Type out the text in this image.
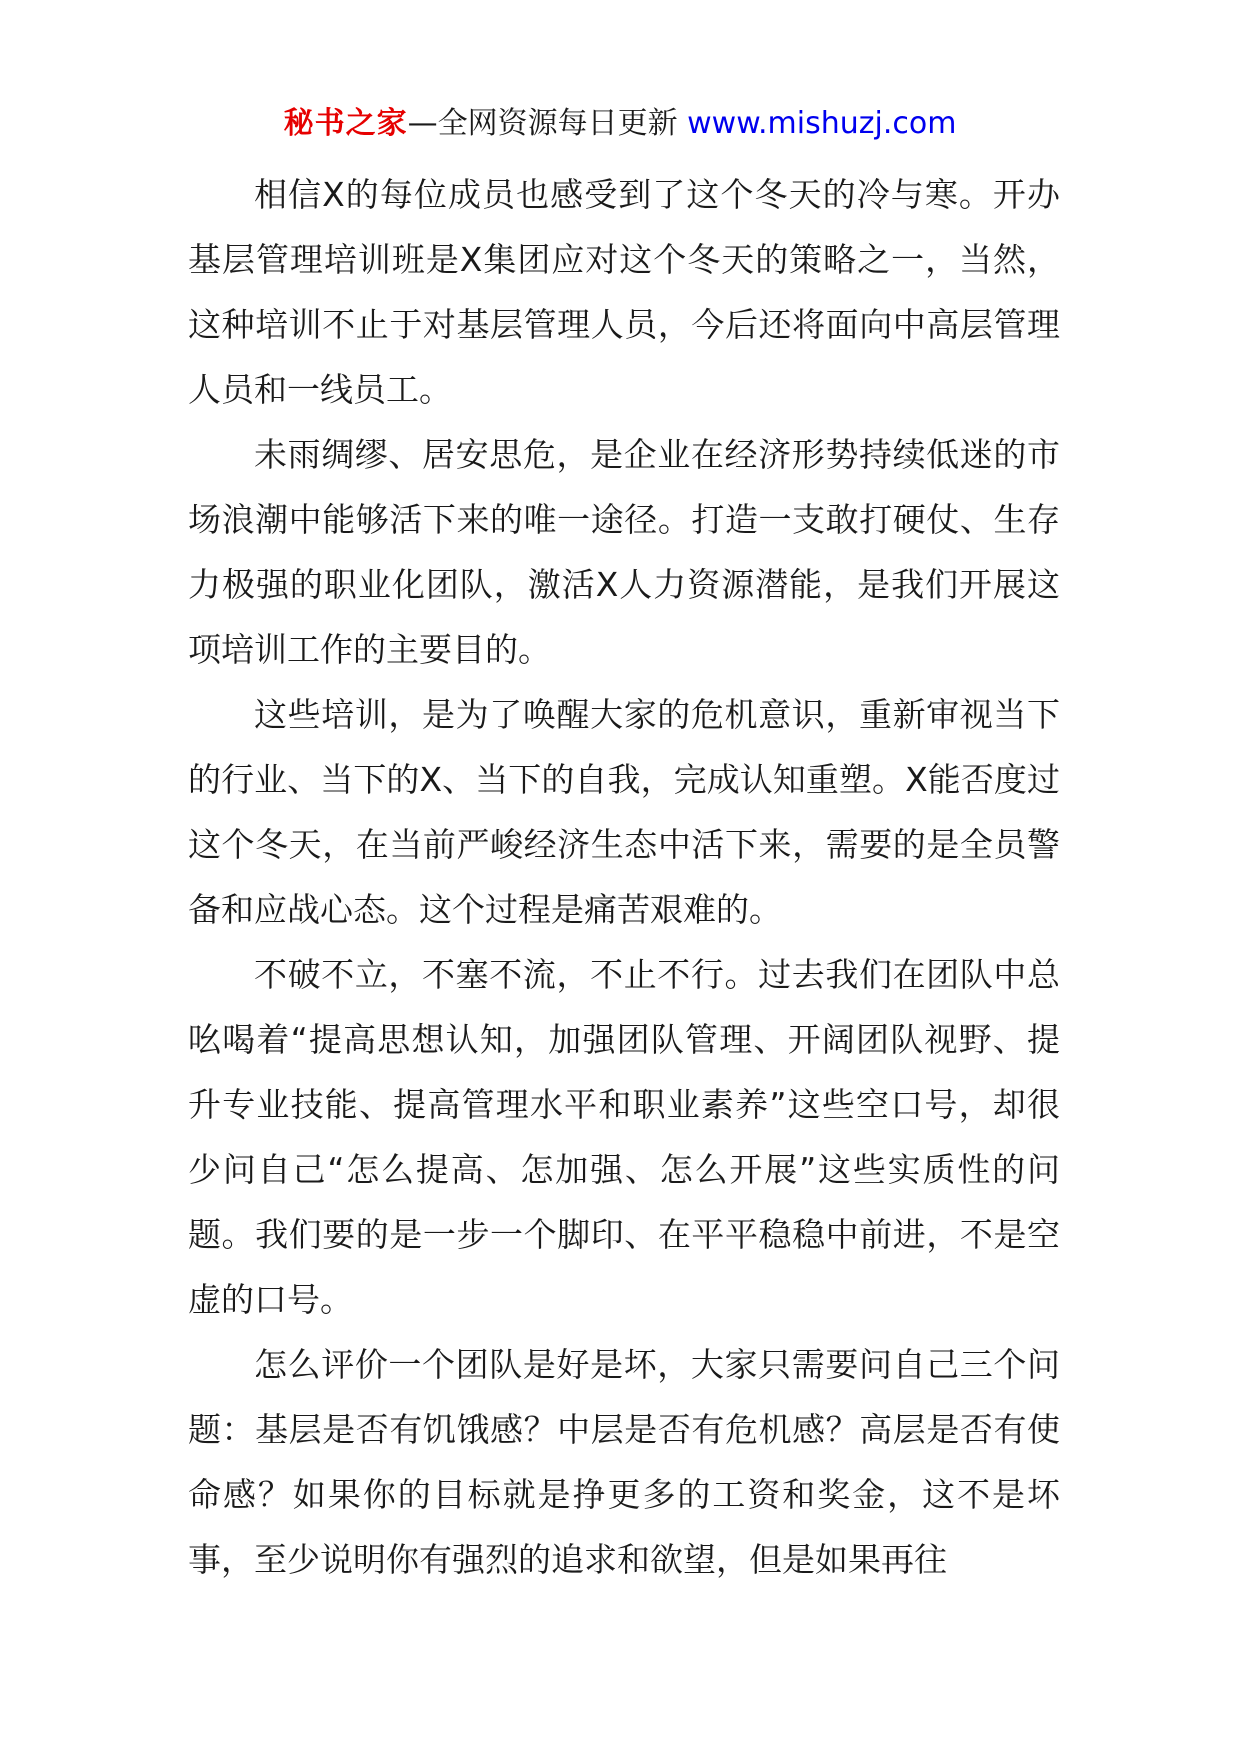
秘书之家—全网资源每日更新 www.mishuzj.com

相信X的每位成员也感受到了这个冬天的冷与寒。开办基层管理培训班是X集团应对这个冬天的策略之一，当然，这种培训不止于对基层管理人员，今后还将面向中高层管理人员和一线员工。

未雨绸缪、居安思危，是企业在经济形势持续低迷的市场浪潮中能够活下来的唯一途径。打造一支敢打硬仗、生存力极强的职业化团队，激活X人力资源潜能，是我们开展这项培训工作的主要目的。

这些培训，是为了唤醒大家的危机意识，重新审视当下的行业、当下的X、当下的自我，完成认知重塑。X能否度过这个冬天，在当前严峻经济生态中活下来，需要的是全员警备和应战心态。这个过程是痛苦艰难的。

不破不立，不塞不流，不止不行。过去我们在团队中总吆喝着“提高思想认知，加强团队管理、开阔团队视野、提升专业技能、提高管理水平和职业素养”这些空口号，却很少问自己“怎么提高、怎加强、怎么开展”这些实质性的问题。我们要的是一步一个脚印、在平平稳稳中前进，不是空虚的口号。

怎么评价一个团队是好是坏，大家只需要问自己三个问题：基层是否有饥饿感？中层是否有危机感？高层是否有使命感？如果你的目标就是挣更多的工资和奖金，这不是坏事，至少说明你有强烈的追求和欲望，但是如果再往
